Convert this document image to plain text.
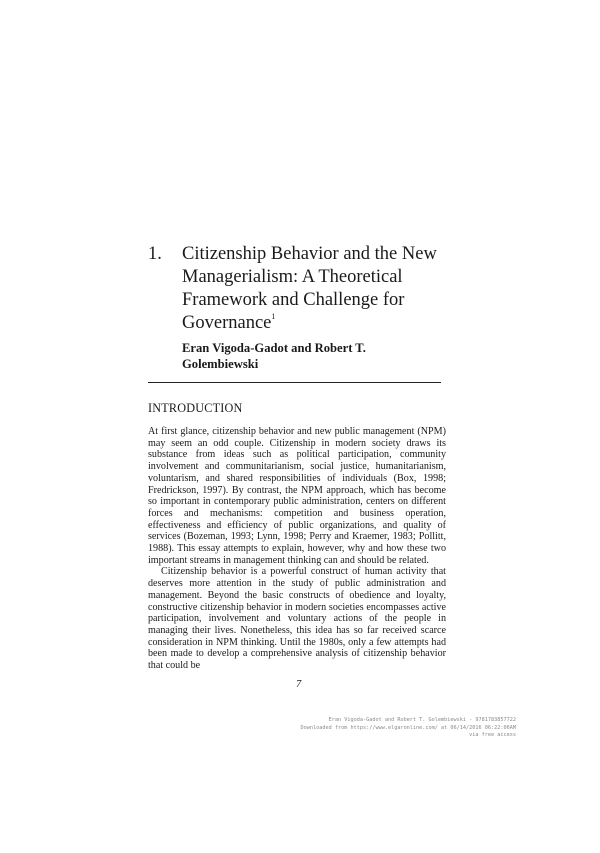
1.	Citizenship Behavior and the New Managerialism: A Theoretical Framework and Challenge for Governance$^1$
Eran Vigoda-Gadot and Robert T. Golembiewski
INTRODUCTION

At first glance, citizenship behavior and new public management (NPM) may seem an odd couple. Citizenship in modern society draws its substance from ideas such as political participation, community involvement and communitarianism, social justice, humanitarianism, voluntarism, and shared responsibilities of individuals (Box, 1998; Fredrickson, 1997). By contrast, the NPM approach, which has become so important in contemporary public administration, centers on different forces and mechanisms: competition and business operation, effectiveness and efficiency of public organizations, and quality of services (Bozeman, 1993; Lynn, 1998; Perry and Kraemer, 1983; Pollitt, 1988). This essay attempts to explain, however, why and how these two important streams in management thinking can and should be related.

Citizenship behavior is a powerful construct of human activity that deserves more attention in the study of public administration and management. Beyond the basic constructs of obedience and loyalty, constructive citizenship behavior in modern societies encompasses active participation, involvement and voluntary actions of the people in managing their lives. Nonetheless, this idea has so far received scarce consideration in NPM thinking. Until the 1980s, only a few attempts had been made to develop a comprehensive analysis of citizenship behavior that could be

7
Eran Vigoda-Gadot and Robert T. Golembiewski - 9781783857722
Downloaded from https://www.elgaronline.com/ at 06/14/2016 06:22:06AM
via free access
